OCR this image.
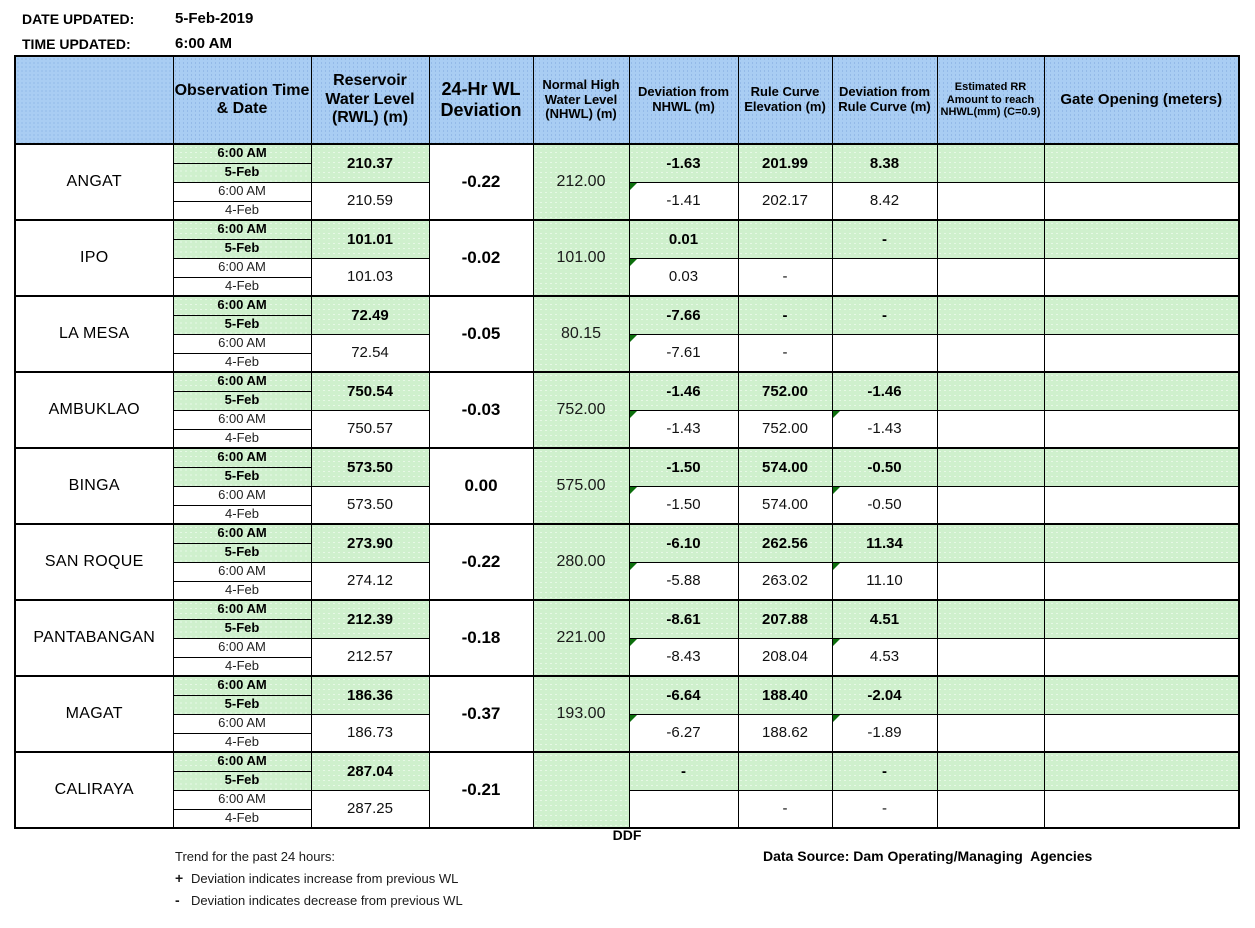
DATE UPDATED:	5-Feb-2019
TIME UPDATED:	6:00 AM
	Observation Time & Date	Reservoir Water Level (RWL) (m)	24-Hr WL Deviation	Normal High Water Level (NHWL) (m)	Deviation from NHWL (m)	Rule Curve Elevation (m)	Deviation from Rule Curve (m)	Estimated RR Amount to reach NHWL(mm) (C=0.9)	Gate Opening (meters)
ANGAT	6:00 AM	210.37	-0.22	212.00	-1.63	201.99	8.38		
	5-Feb								
	6:00 AM	210.59			-1.41	202.17	8.42		
	4-Feb								
IPO	6:00 AM	101.01	-0.02	101.00	0.01		-		
	5-Feb								
	6:00 AM	101.03			0.03	-			
	4-Feb								
LA MESA	6:00 AM	72.49	-0.05	80.15	-7.66	-	-		
	5-Feb								
	6:00 AM	72.54			-7.61	-			
	4-Feb								
AMBUKLAO	6:00 AM	750.54	-0.03	752.00	-1.46	752.00	-1.46		
	5-Feb								
	6:00 AM	750.57			-1.43	752.00	-1.43		
	4-Feb								
BINGA	6:00 AM	573.50	0.00	575.00	-1.50	574.00	-0.50		
	5-Feb								
	6:00 AM	573.50			-1.50	574.00	-0.50		
	4-Feb								
SAN ROQUE	6:00 AM	273.90	-0.22	280.00	-6.10	262.56	11.34		
	5-Feb								
	6:00 AM	274.12			-5.88	263.02	11.10		
	4-Feb								
PANTABANGAN	6:00 AM	212.39	-0.18	221.00	-8.61	207.88	4.51		
	5-Feb								
	6:00 AM	212.57			-8.43	208.04	4.53		
	4-Feb								
MAGAT	6:00 AM	186.36	-0.37	193.00	-6.64	188.40	-2.04		
	5-Feb								
	6:00 AM	186.73			-6.27	188.62	-1.89		
	4-Feb								
CALIRAYA	6:00 AM	287.04	-0.21		-		-		
	5-Feb								
	6:00 AM	287.25				-	-		
	4-Feb								
DDF
Trend for the past 24 hours:
+ Deviation indicates increase from previous WL
- Deviation indicates decrease from previous WL
Data Source: Dam Operating/Managing  Agencies
